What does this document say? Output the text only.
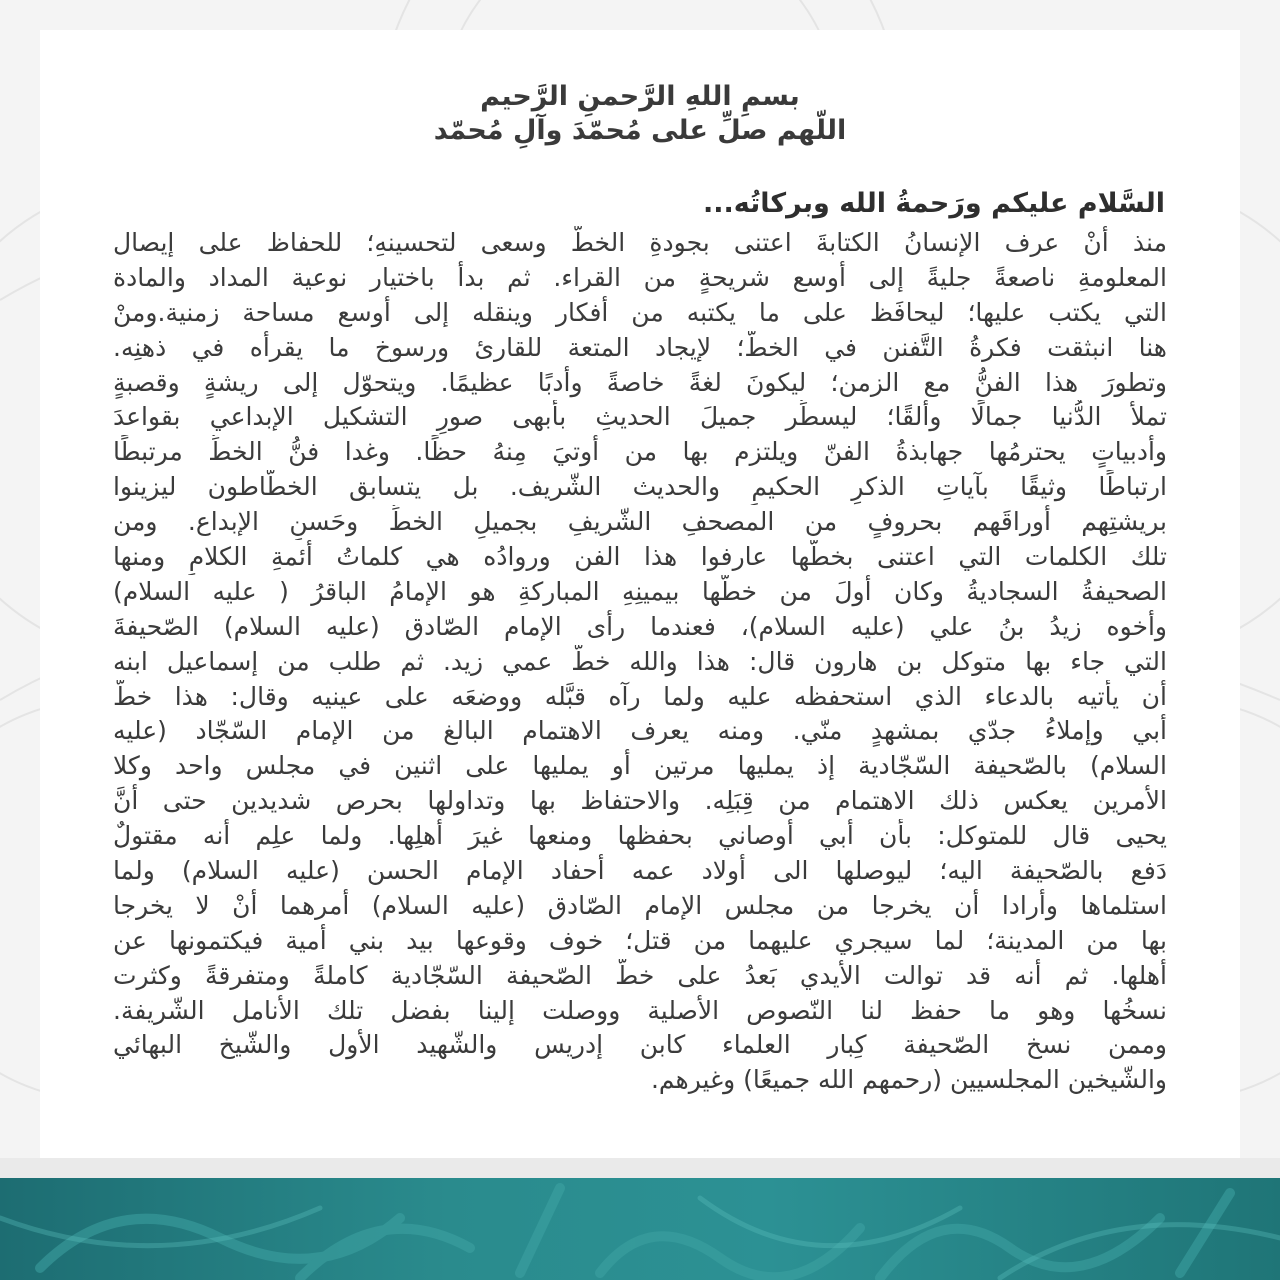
بسمِ اللهِ الرَّحمنِ الرَّحيم
اللّهم صلِّ على مُحمّدَ وآلِ مُحمّد
السَّلام عليكم ورَحمةُ الله وبركاتُه...
منذ أنْ عرف الإنسانُ الكتابةَ اعتنى بجودةِ الخطّ وسعى لتحسينهِ؛ للحفاظ على إيصال
المعلومةِ ناصعةً جليةً إلى أوسع شريحةٍ من القراء. ثم بدأ باختيار نوعية المداد والمادة
التي يكتب عليها؛ ليحافَظ على ما يكتبه من أفكار وينقله إلى أوسع مساحة زمنية.ومنْ
هنا انبثقت فكرةُ التَّفنن في الخطّ؛ لإيجاد المتعة للقارئ ورسوخ ما يقرأه في ذهنِه.
وتطورَ هذا الفنُّ مع الزمن؛ ليكونَ لغةً خاصةً وأدبًا عظيمًا. ويتحوّل إلى ريشةٍ وقصبةٍ
تملأ الدُّنيا جمالًا وألقًا؛ ليسطِّر جميلَ الحديثِ بأبهى صورِ التشكيل الإبداعي بقواعدَ
وأدبياتٍ يحترمُها جهابذةُ الفنّ ويلتزم بها من أوتيَ مِنهُ حظًا. وغدا فنُّ الخطِّ مرتبطًا
ارتباطًا وثيقًا بآياتِ الذكرِ الحكيمِ والحديث الشّريف. بل يتسابق الخطّاطون ليزينوا
بريشتِهم أوراقَهم بحروفٍ من المصحفِ الشّريفِ بجميلِ الخطِّ وحَسنِ الإبداع. ومن
تلك الكلمات التي اعتنى بخطّها عارفوا هذا الفن وروادُه هي كلماتُ أئمةِ الكلامِ ومنها
الصحيفةُ السجاديةُ وكان أولَ من خطَّها بيمينِهِ المباركةِ هو الإمامُ الباقرُ ( عليه السلام)
وأخوه زيدُ بنُ علي (عليه السلام)، فعندما رأى الإمام الصّادق (عليه السلام) الصّحيفةَ
التي جاء بها متوكل بن هارون قال: هذا والله خطُّ عمي زيد. ثم طلب من إسماعيل ابنه
أن يأتيه بالدعاء الذي استحفظه عليه ولما رآه قبَّله ووضعَه على عينيه وقال: هذا خطُّ
أبي وإملاءُ جدّي بمشهدٍ منّي. ومنه يعرف الاهتمام البالغ من الإمام السّجّاد (عليه
السلام) بالصّحيفة السّجّادية إذ يمليها مرتين أو يمليها على اثنين في مجلس واحد وكلا
الأمرين يعكس ذلك الاهتمام من قِبَلِه. والاحتفاظ بها وتداولها بحرص شديدين حتى أنَّ
يحيى قال للمتوكل: بأن أبي أوصاني بحفظها ومنعها غيرَ أهلِها. ولما علِم أنه مقتولٌ
دَفع بالصّحيفة اليه؛ ليوصلها الى أولاد عمه أحفاد الإمام الحسن (عليه السلام) ولما
استلماها وأرادا أن يخرجا من مجلس الإمام الصّادق (عليه السلام) أمرهما أنْ لا يخرجا
بها من المدينة؛ لما سيجري عليهما من قتل؛ خوف وقوعها بيد بني أمية فيكتمونها عن
أهلها. ثم أنه قد توالت الأيدي بَعدُ على خطّ الصّحيفة السّجّادية كاملةً ومتفرقةً وكثرت
نسخُها وهو ما حفظ لنا النّصوص الأصلية ووصلت إلينا بفضل تلك الأنامل الشّريفة.
وممن نسخ الصّحيفة كِبار العلماء كابن إدريس والشّهيد الأول والشّيخ البهائي
والشّيخين المجلسيين (رحمهم الله جميعًا) وغيرهم.
